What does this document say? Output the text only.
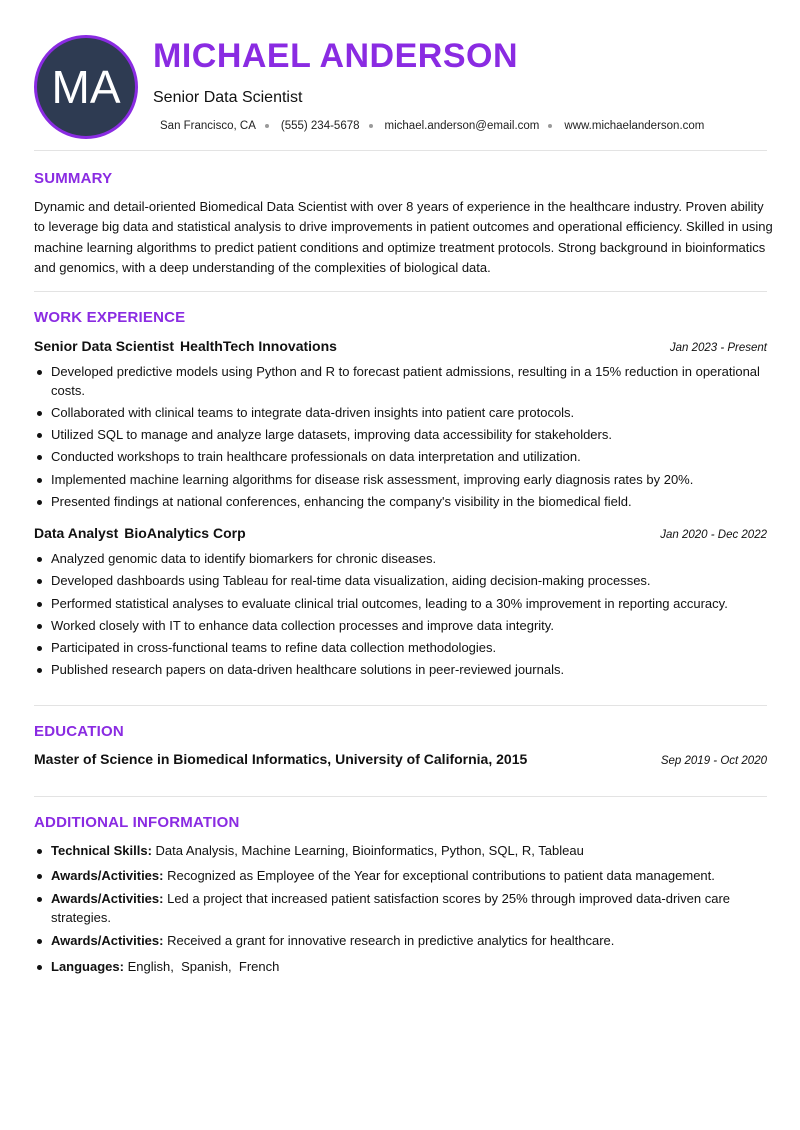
MA
MICHAEL ANDERSON
Senior Data Scientist
San Francisco, CA (555) 234-5678 michael.anderson@email.com www.michaelanderson.com
SUMMARY

Dynamic and detail-oriented Biomedical Data Scientist with over 8 years of experience in the healthcare industry. Proven ability to leverage big data and statistical analysis to drive improvements in patient outcomes and operational efficiency. Skilled in using machine learning algorithms to predict patient conditions and optimize treatment protocols. Strong background in bioinformatics and genomics, with a deep understanding of the complexities of biological data.

WORK EXPERIENCE
Senior Data Scientist HealthTech Innovations	Jan 2023 - Present
Developed predictive models using Python and R to forecast patient admissions, resulting in a 15% reduction in operational costs.
Collaborated with clinical teams to integrate data-driven insights into patient care protocols.
Utilized SQL to manage and analyze large datasets, improving data accessibility for stakeholders.
Conducted workshops to train healthcare professionals on data interpretation and utilization.
Implemented machine learning algorithms for disease risk assessment, improving early diagnosis rates by 20%.
Presented findings at national conferences, enhancing the company's visibility in the biomedical field.
Data Analyst BioAnalytics Corp	Jan 2020 - Dec 2022
Analyzed genomic data to identify biomarkers for chronic diseases.
Developed dashboards using Tableau for real-time data visualization, aiding decision-making processes.
Performed statistical analyses to evaluate clinical trial outcomes, leading to a 30% improvement in reporting accuracy.
Worked closely with IT to enhance data collection processes and improve data integrity.
Participated in cross-functional teams to refine data collection methodologies.
Published research papers on data-driven healthcare solutions in peer-reviewed journals.
EDUCATION
Master of Science in Biomedical Informatics, University of California, 2015	Sep 2019 - Oct 2020
ADDITIONAL INFORMATION
Technical Skills: Data Analysis, Machine Learning, Bioinformatics, Python, SQL, R, Tableau
Awards/Activities: Recognized as Employee of the Year for exceptional contributions to patient data management.
Awards/Activities: Led a project that increased patient satisfaction scores by 25% through improved data-driven care strategies.
Awards/Activities: Received a grant for innovative research in predictive analytics for healthcare.
Languages: English,  Spanish,  French
